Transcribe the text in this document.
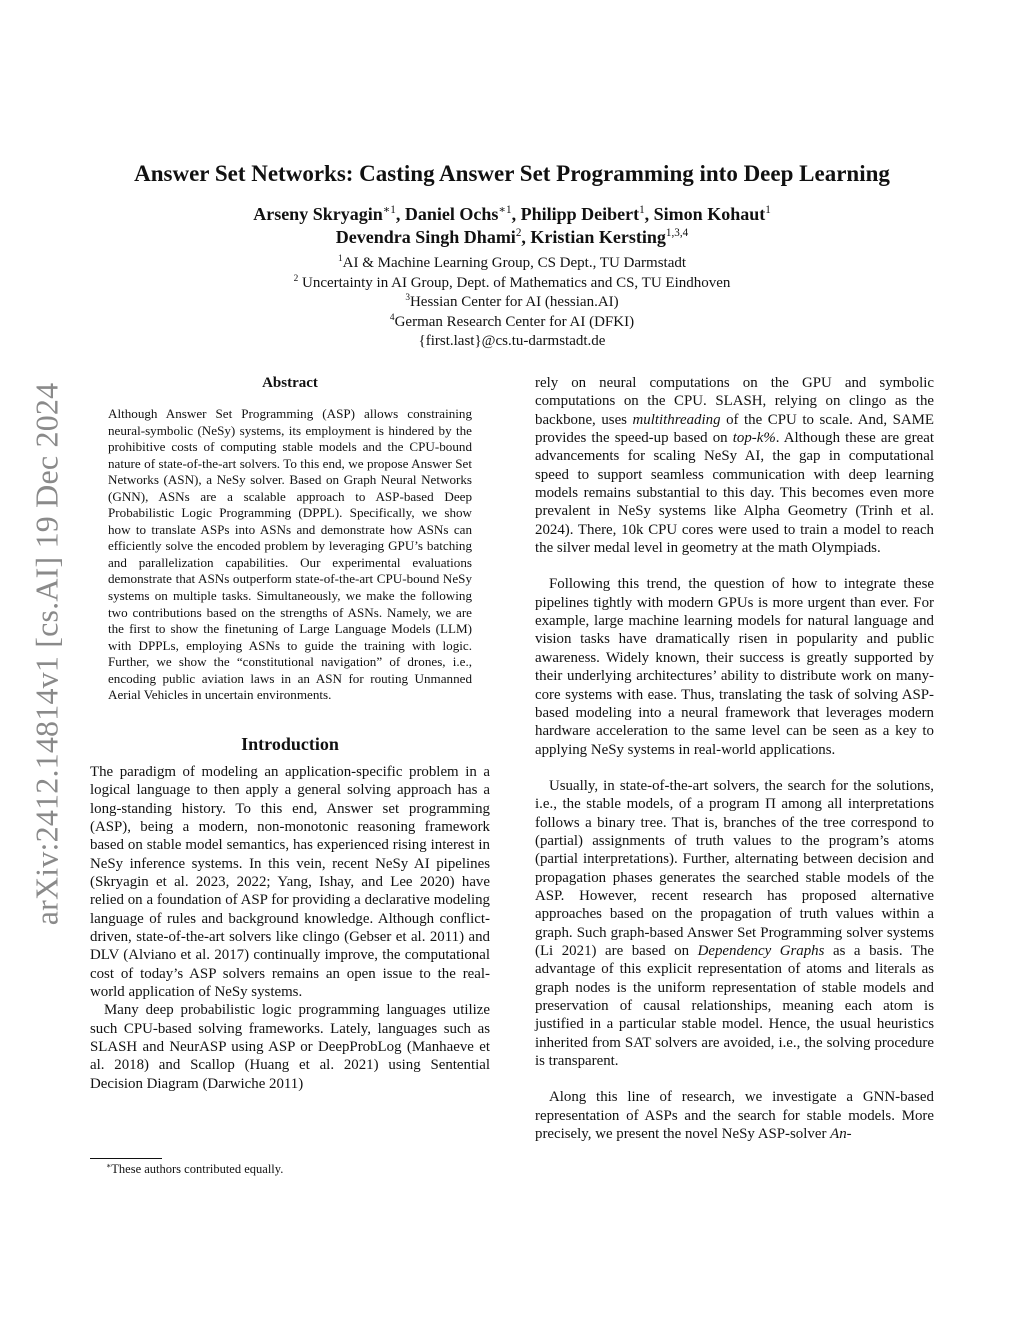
arXiv:2412.14814v1 [cs.AI] 19 Dec 2024
Answer Set Networks: Casting Answer Set Programming into Deep Learning
Arseny Skryagin$^{∗1}$, Daniel Ochs$^{∗1}$, Philipp Deibert$^1$, Simon Kohaut$^1$
Devendra Singh Dhami$^2$, Kristian Kersting$^{1,3,4}$
$^1$AI & Machine Learning Group, CS Dept., TU Darmstadt
$^2$ Uncertainty in AI Group, Dept. of Mathematics and CS, TU Eindhoven
$^3$Hessian Center for AI (hessian.AI)
$^4$German Research Center for AI (DFKI)
{first.last}@cs.tu-darmstadt.de
Abstract
Although Answer Set Programming (ASP) allows constraining neural-symbolic (NeSy) systems, its employment is hindered by the prohibitive costs of computing stable models and the CPU-bound nature of state-of-the-art solvers. To this end, we propose Answer Set Networks (ASN), a NeSy solver. Based on Graph Neural Networks (GNN), ASNs are a scalable approach to ASP-based Deep Probabilistic Logic Programming (DPPL). Specifically, we show how to translate ASPs into ASNs and demonstrate how ASNs can efficiently solve the encoded problem by leveraging GPU’s batching and parallelization capabilities. Our experimental evaluations demonstrate that ASNs outperform state-of-the-art CPU-bound NeSy systems on multiple tasks. Simultaneously, we make the following two contributions based on the strengths of ASNs. Namely, we are the first to show the finetuning of Large Language Models (LLM) with DPPLs, employing ASNs to guide the training with logic. Further, we show the “constitutional navigation” of drones, i.e., encoding public aviation laws in an ASN for routing Unmanned Aerial Vehicles in uncertain environments.
Introduction

The paradigm of modeling an application-specific problem in a logical language to then apply a general solving approach has a long-standing history. To this end, Answer set programming (ASP), being a modern, non-monotonic reasoning framework based on stable model semantics, has experienced rising interest in NeSy inference systems. In this vein, recent NeSy AI pipelines (Skryagin et al. 2023, 2022; Yang, Ishay, and Lee 2020) have relied on a foundation of ASP for providing a declarative modeling language of rules and background knowledge. Although conflict-driven, state-of-the-art solvers like clingo (Gebser et al. 2011) and DLV (Alviano et al. 2017) continually improve, the computational cost of today’s ASP solvers remains an open issue to the real-world application of NeSy systems.

Many deep probabilistic logic programming languages utilize such CPU-based solving frameworks. Lately, languages such as SLASH and NeurASP using ASP or DeepProbLog (Manhaeve et al. 2018) and Scallop (Huang et al. 2021) using Sentential Decision Diagram (Darwiche 2011)

rely on neural computations on the GPU and symbolic computations on the CPU. SLASH, relying on clingo as the backbone, uses multithreading of the CPU to scale. And, SAME provides the speed-up based on top-k%. Although these are great advancements for scaling NeSy AI, the gap in computational speed to support seamless communication with deep learning models remains substantial to this day. This becomes even more prevalent in NeSy systems like Alpha Geometry (Trinh et al. 2024). There, 10k CPU cores were used to train a model to reach the silver medal level in geometry at the math Olympiads.

Following this trend, the question of how to integrate these pipelines tightly with modern GPUs is more urgent than ever. For example, large machine learning models for natural language and vision tasks have dramatically risen in popularity and public awareness. Widely known, their success is greatly supported by their underlying architectures’ ability to distribute work on many-core systems with ease. Thus, translating the task of solving ASP-based modeling into a neural framework that leverages modern hardware acceleration to the same level can be seen as a key to applying NeSy systems in real-world applications.

Usually, in state-of-the-art solvers, the search for the solutions, i.e., the stable models, of a program Π among all interpretations follows a binary tree. That is, branches of the tree correspond to (partial) assignments of truth values to the program’s atoms (partial interpretations). Further, alternating between decision and propagation phases generates the searched stable models of the ASP. However, recent research has proposed alternative approaches based on the propagation of truth values within a graph. Such graph-based Answer Set Programming solver systems (Li 2021) are based on Dependency Graphs as a basis. The advantage of this explicit representation of atoms and literals as graph nodes is the uniform representation of stable models and preservation of causal relationships, meaning each atom is justified in a particular stable model. Hence, the usual heuristics inherited from SAT solvers are avoided, i.e., the solving procedure is transparent.

Along this line of research, we investigate a GNN-based representation of ASPs and the search for stable models. More precisely, we present the novel NeSy ASP-solver An-

∗These authors contributed equally.
